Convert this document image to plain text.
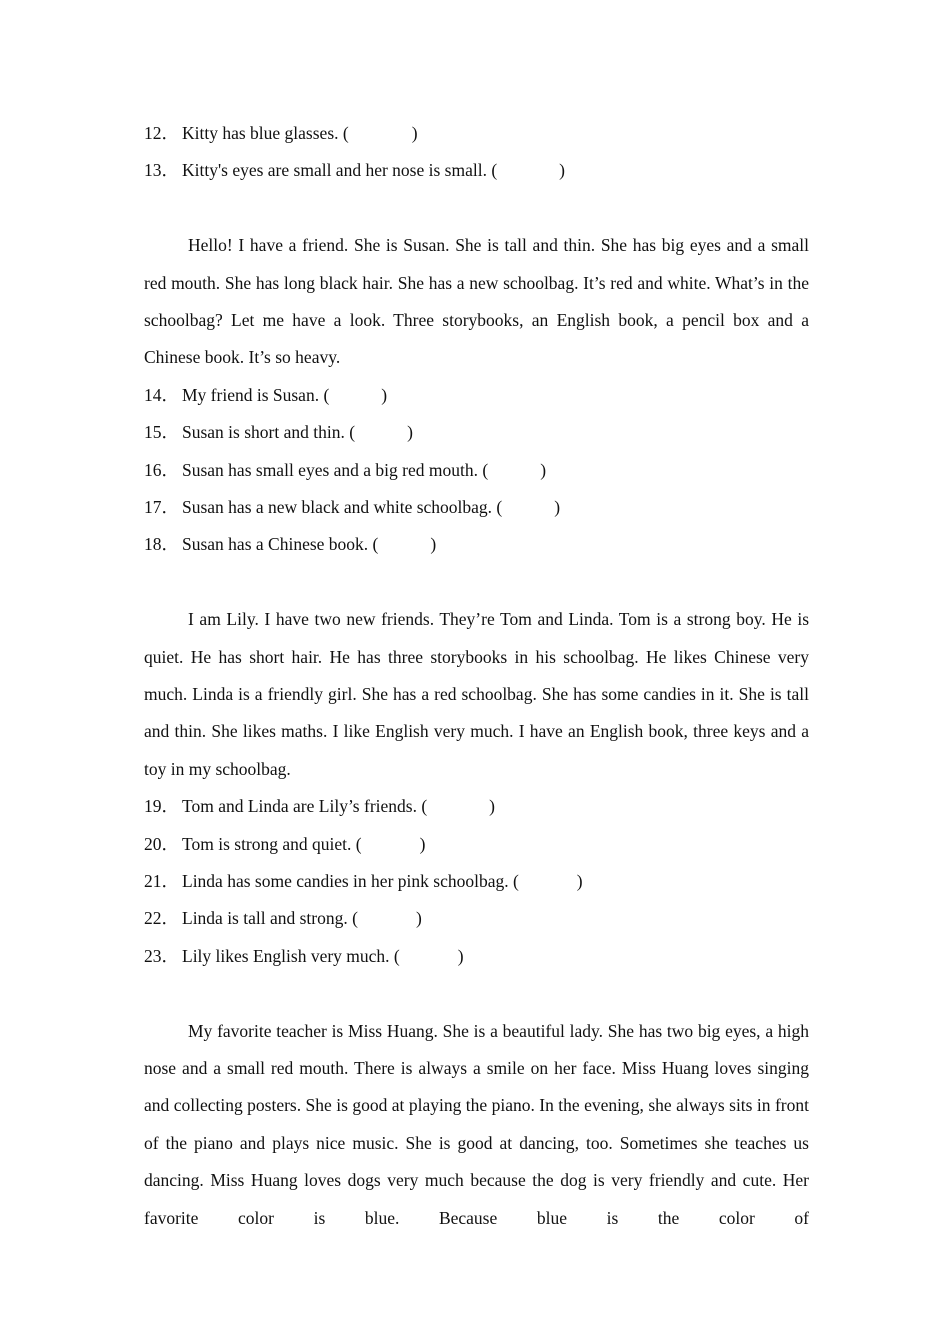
12． Kitty has blue glasses. (	)
13． Kitty's eyes are small and her nose is small. (	)

Hello! I have a friend. She is Susan. She is tall and thin. She has big eyes and a small red mouth. She has long black hair. She has a new schoolbag. It’s red and white. What’s in the schoolbag? Let me have a look. Three storybooks, an English book, a pencil box and a Chinese book. It’s so heavy.

14． My friend is Susan. (	)
15． Susan is short and thin. (	)
16． Susan has small eyes and a big red mouth. (	)
17． Susan has a new black and white schoolbag. (	)
18． Susan has a Chinese book. (	)

I am Lily. I have two new friends. They’re Tom and Linda. Tom is a strong boy. He is quiet. He has short hair. He has three storybooks in his schoolbag. He likes Chinese very much. Linda is a friendly girl. She has a red schoolbag. She has some candies in it. She is tall and thin. She likes maths. I like English very much. I have an English book, three keys and a toy in my schoolbag.

19． Tom and Linda are Lily’s friends. (	)
20． Tom is strong and quiet. (	)
21． Linda has some candies in her pink schoolbag. (	)
22． Linda is tall and strong. (	)
23． Lily likes English very much. (	)

My favorite teacher is Miss Huang. She is a beautiful lady. She has two big eyes, a high nose and a small red mouth. There is always a smile on her face. Miss Huang loves singing and collecting posters. She is good at playing the piano. In the evening, she always sits in front of the piano and plays nice music. She is good at dancing, too. Sometimes she teaches us dancing. Miss Huang loves dogs very much because the dog is very friendly and cute. Her favorite color is blue. Because blue is the color of
